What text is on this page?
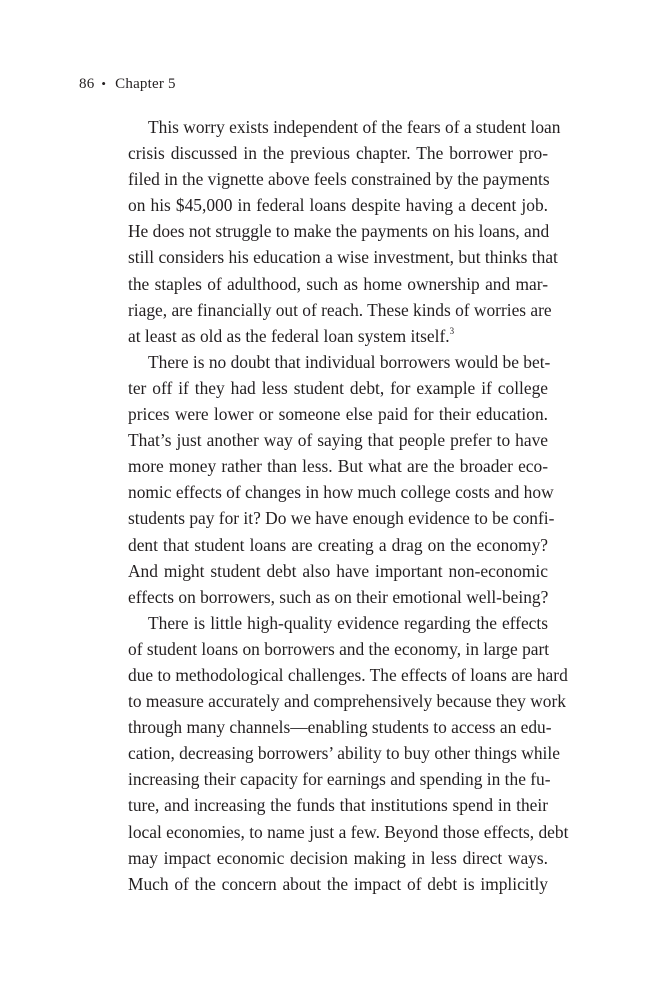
86 • Chapter 5

This worry exists independent of the fears of a student loan
crisis discussed in the previous chapter. The borrower pro-
filed in the vignette above feels constrained by the payments
on his $45,000 in federal loans despite having a decent job.
He does not struggle to make the payments on his loans, and
still considers his education a wise investment, but thinks that
the staples of adulthood, such as home ownership and mar-
riage, are financially out of reach. These kinds of worries are
at least as old as the federal loan system itself.$^3$

There is no doubt that individual borrowers would be bet-
ter off if they had less student debt, for example if college
prices were lower or someone else paid for their education.
That’s just another way of saying that people prefer to have
more money rather than less. But what are the broader eco-
nomic effects of changes in how much college costs and how
students pay for it? Do we have enough evidence to be confi-
dent that student loans are creating a drag on the economy?
And might student debt also have important non-economic
effects on borrowers, such as on their emotional well-being?

There is little high-quality evidence regarding the effects
of student loans on borrowers and the economy, in large part
due to methodological challenges. The effects of loans are hard
to measure accurately and comprehensively because they work
through many channels—enabling students to access an edu-
cation, decreasing borrowers’ ability to buy other things while
increasing their capacity for earnings and spending in the fu-
ture, and increasing the funds that institutions spend in their
local economies, to name just a few. Beyond those effects, debt
may impact economic decision making in less direct ways.
Much of the concern about the impact of debt is implicitly
